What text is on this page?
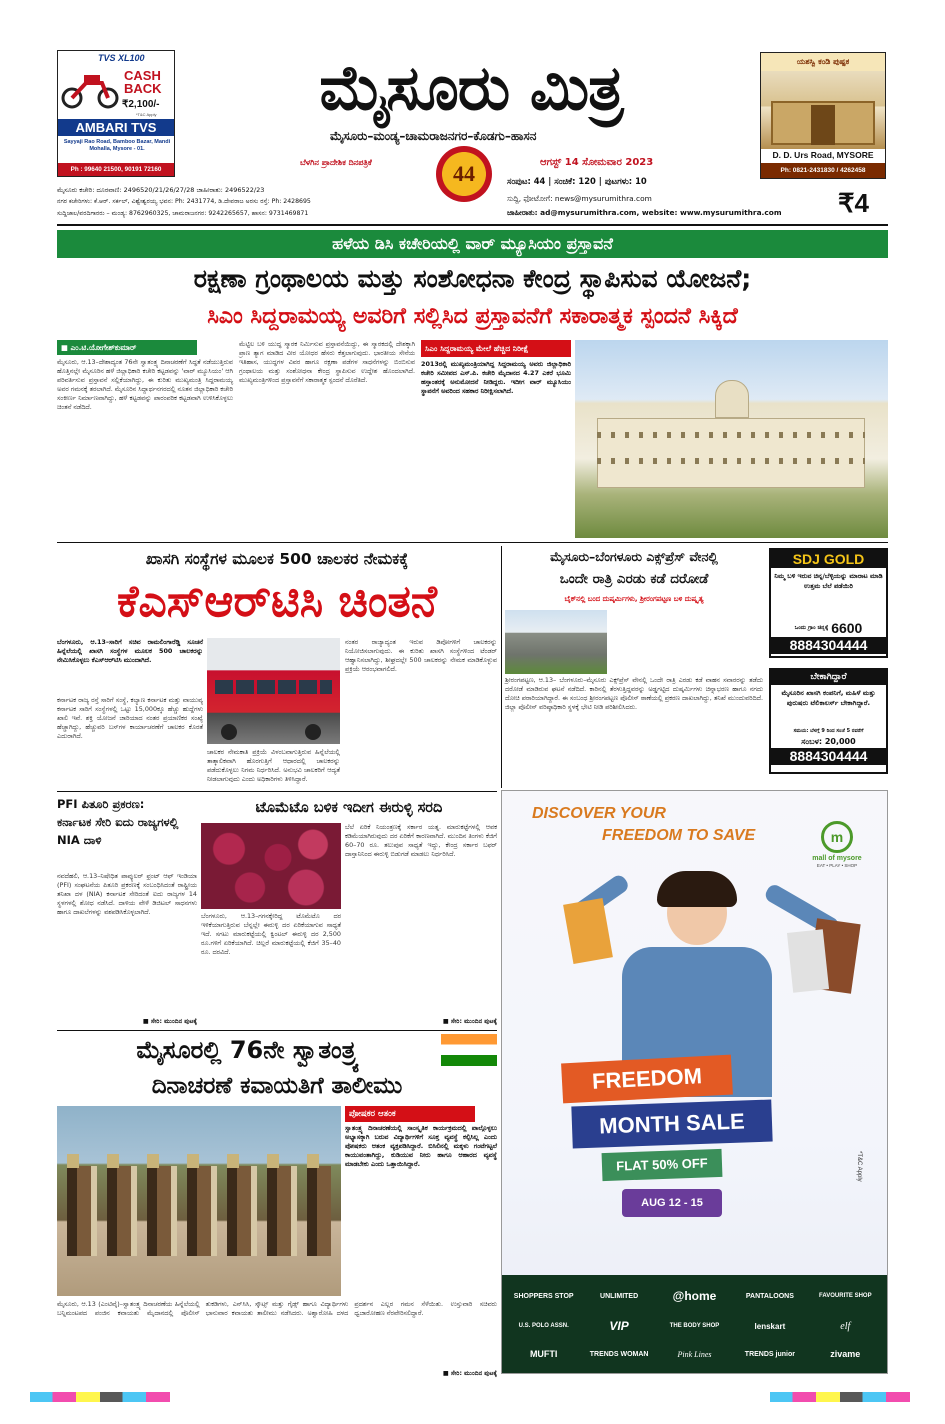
TVS XL100
CASH BACK
₹2,100/-
*T&C Apply
AMBARI TVS
Sayyaji Rao Road, Bamboo Bazar, Mandi Mohalla, Mysore - 01.
Ph : 99640 21500, 90191 72160
ಮೈಸೂರು ಮಿತ್ರ
ಮೈಸೂರು–ಮಂಡ್ಯ–ಚಾಮರಾಜನಗರ–ಕೊಡಗು–ಹಾಸನ
ಬೆಳಗಿನ ಪ್ರಾದೇಶಿಕ ದಿನಪತ್ರಿಕೆ	44	ಆಗಸ್ಟ್ 14 ಸೋಮವಾರ 2023
ಸಂಪುಟ: 44 | ಸಂಚಿಕೆ: 120 | ಪುಟಗಳು: 10
ಯಶಸ್ವಿ ಕಂಡಿ ಪುಷ್ಪಕ
D. D. Urs Road, MYSORE
Ph: 0821-2431830 / 4262458
ಮೈಸೂರು ಕಚೇರಿ: ದೂರವಾಣಿ: 2496520/21/26/27/28 ಜಾಹೀರಾತು: 2496522/23
ನಗರ ಕಚೇರಿಗಳು: ಕೆ.ಆರ್. ಸರ್ಕಲ್, ವಿಶ್ವೇಶ್ವರಯ್ಯ ಭವನ: Ph: 2431774, ಡಿ.ದೇವರಾಜ ಅರಸು ರಸ್ತೆ: Ph: 2428695
ಸುದ್ದಿಜಾಲ/ವರದಿಗಾರರು – ಮಂಡ್ಯ: 8762960325, ಚಾಮರಾಜನಗರ: 9242265657, ಹಾಸನ: 9731469871
ಸುದ್ದಿ, ಫೋಟೋಗೆ: news@mysurumithra.com
ಜಾಹೀರಾತು: ad@mysurumithra.com, website: www.mysurumithra.com	₹4
ಹಳೆಯ ಡಿಸಿ ಕಚೇರಿಯಲ್ಲಿ ವಾರ್ ಮ್ಯೂಸಿಯಂ ಪ್ರಸ್ತಾವನೆ
ರಕ್ಷಣಾ ಗ್ರಂಥಾಲಯ ಮತ್ತು ಸಂಶೋಧನಾ ಕೇಂದ್ರ ಸ್ಥಾಪಿಸುವ ಯೋಜನೆ;
ಸಿಎಂ ಸಿದ್ದರಾಮಯ್ಯ ಅವರಿಗೆ ಸಲ್ಲಿಸಿದ ಪ್ರಸ್ತಾವನೆಗೆ ಸಕಾರಾತ್ಮಕ ಸ್ಪಂದನೆ ಸಿಕ್ಕಿದೆ
■ ಎಂ.ಟಿ.ಯೋಗೇಶ್‌ಕುಮಾರ್
ಮೈಸೂರು, ಆ.13–ದೇಶಾದ್ಯಂತ 76ನೇ ಸ್ವಾತಂತ್ರ್ಯ ದಿನಾಚರಣೆಗೆ ಸಿದ್ಧತೆ ನಡೆಯುತ್ತಿರುವ ಹೊತ್ತಿನಲ್ಲೇ ಮೈಸೂರಿನ ಹಳೆ ಜಿಲ್ಲಾಧಿಕಾರಿ ಕಚೇರಿ ಕಟ್ಟಡವನ್ನು 'ವಾರ್ ಮ್ಯೂಸಿಯಂ' ಆಗಿ ಪರಿವರ್ತಿಸುವ ಪ್ರಸ್ತಾವನೆ ಸಲ್ಲಿಕೆಯಾಗಿದ್ದು, ಈ ಕುರಿತು ಮುಖ್ಯಮಂತ್ರಿ ಸಿದ್ದರಾಮಯ್ಯ ಅವರ ಗಮನಕ್ಕೆ ತರಲಾಗಿದೆ. ಮೈಸೂರಿನ ಸಿದ್ದಾರ್ಥನಗರದಲ್ಲಿ ನೂತನ ಜಿಲ್ಲಾಧಿಕಾರಿ ಕಚೇರಿ ಸಂಕೀರ್ಣ ನಿರ್ಮಾಣವಾಗಿದ್ದು, ಹಳೆ ಕಟ್ಟಡವನ್ನು ಪಾರಂಪರಿಕ ಕಟ್ಟಡವಾಗಿ ಉಳಿಸಿಕೊಳ್ಳಲು ಚಿಂತನೆ ನಡೆದಿದೆ.
ಮೆಟ್ಟಿಲ ಬಳಿ ಯುದ್ಧ ಸ್ಮಾರಕ ನಿರ್ಮಿಸುವ ಪ್ರಸ್ತಾವನೆಯಿದ್ದು, ಈ ಸ್ಮಾರಕದಲ್ಲಿ ದೇಶಕ್ಕಾಗಿ ಪ್ರಾಣ ತ್ಯಾಗ ಮಾಡಿದ ವೀರ ಯೋಧರ ಹೆಸರು ಕೆತ್ತಲಾಗುವುದು. ಭಾರತೀಯ ಸೇನೆಯ ಇತಿಹಾಸ, ಯುದ್ಧಗಳ ವಿವರ ಹಾಗೂ ರಕ್ಷಣಾ ಪಡೆಗಳ ಸಾಧನೆಗಳನ್ನು ಬಿಂಬಿಸುವ ಗ್ರಂಥಾಲಯ ಮತ್ತು ಸಂಶೋಧನಾ ಕೇಂದ್ರ ಸ್ಥಾಪಿಸುವ ಉದ್ದೇಶ ಹೊಂದಲಾಗಿದೆ. ಮುಖ್ಯಮಂತ್ರಿಗಳಿಂದ ಪ್ರಸ್ತಾವನೆಗೆ ಸಕಾರಾತ್ಮಕ ಸ್ಪಂದನೆ ದೊರೆತಿದೆ.
ಸಿಎಂ ಸಿದ್ದರಾಮಯ್ಯ ಮೇಲೆ ಹೆಚ್ಚಿದ ನಿರೀಕ್ಷೆ
2013ರಲ್ಲಿ ಮುಖ್ಯಮಂತ್ರಿಯಾಗಿದ್ದ ಸಿದ್ದರಾಮಯ್ಯ ಅವರು ಜಿಲ್ಲಾಧಿಕಾರಿ ಕಚೇರಿ ಸಮೀಪದ ಎಸ್.ಪಿ. ಕಚೇರಿ ಮೈದಾನದ 4.27 ಎಕರೆ ಭೂಮಿ ಹಸ್ತಾಂತರಕ್ಕೆ ಅನುಮೋದನೆ ನೀಡಿದ್ದರು. ಇದೀಗ ವಾರ್ ಮ್ಯೂಸಿಯಂ ಸ್ಥಾಪನೆಗೆ ಅವರಿಂದ ಸಹಕಾರ ನಿರೀಕ್ಷಿಸಲಾಗಿದೆ.
ಖಾಸಗಿ ಸಂಸ್ಥೆಗಳ ಮೂಲಕ 500 ಚಾಲಕರ ನೇಮಕಕ್ಕೆ
ಕೆಎಸ್‌ಆರ್‌ಟಿಸಿ ಚಿಂತನೆ
ಬೆಂಗಳೂರು, ಆ.13–ಸಾರಿಗೆ ಸಚಿವ ರಾಮಲಿಂಗಾರೆಡ್ಡಿ ಸೂಚನೆ ಹಿನ್ನೆಲೆಯಲ್ಲಿ ಖಾಸಗಿ ಸಂಸ್ಥೆಗಳ ಮೂಲಕ 500 ಚಾಲಕರನ್ನು ನೇಮಿಸಿಕೊಳ್ಳಲು ಕೆಎಸ್‌ಆರ್‌ಟಿಸಿ ಮುಂದಾಗಿದೆ.
ಕರ್ನಾಟಕ ರಾಜ್ಯ ರಸ್ತೆ ಸಾರಿಗೆ ಸಂಸ್ಥೆ, ಕಲ್ಯಾಣ ಕರ್ನಾಟಕ ಮತ್ತು ವಾಯುವ್ಯ ಕರ್ನಾಟಕ ಸಾರಿಗೆ ಸಂಸ್ಥೆಗಳಲ್ಲಿ ಒಟ್ಟು 15,000ಕ್ಕೂ ಹೆಚ್ಚು ಹುದ್ದೆಗಳು ಖಾಲಿ ಇವೆ. ಶಕ್ತಿ ಯೋಜನೆ ಜಾರಿಯಾದ ನಂತರ ಪ್ರಯಾಣಿಕರ ಸಂಖ್ಯೆ ಹೆಚ್ಚಾಗಿದ್ದು, ಹೆಚ್ಚುವರಿ ಬಸ್‌ಗಳ ಕಾರ್ಯಾಚರಣೆಗೆ ಚಾಲಕರ ಕೊರತೆ ಎದುರಾಗಿದೆ.
ಚಾಲಕರ ನೇಮಕಾತಿ ಪ್ರಕ್ರಿಯೆ ವಿಳಂಬವಾಗುತ್ತಿರುವ ಹಿನ್ನೆಲೆಯಲ್ಲಿ ತಾತ್ಕಾಲಿಕವಾಗಿ ಹೊರಗುತ್ತಿಗೆ ಆಧಾರದಲ್ಲಿ ಚಾಲಕರನ್ನು ಪಡೆದುಕೊಳ್ಳಲು ನಿಗಮ ನಿರ್ಧರಿಸಿದೆ. ಅನುಭವಿ ಚಾಲಕರಿಗೆ ಆದ್ಯತೆ ನೀಡಲಾಗುವುದು ಎಂದು ಅಧಿಕಾರಿಗಳು ತಿಳಿಸಿದ್ದಾರೆ.
ನಂತರ ರಾಜ್ಯಾದ್ಯಂತ ಇರುವ ಡಿಪೋಗಳಿಗೆ ಚಾಲಕರನ್ನು ನಿಯೋಜಿಸಲಾಗುವುದು. ಈ ಕುರಿತು ಖಾಸಗಿ ಸಂಸ್ಥೆಗಳಿಂದ ಟೆಂಡರ್ ಆಹ್ವಾನಿಸಲಾಗಿದ್ದು, ಶೀಘ್ರದಲ್ಲೇ 500 ಚಾಲಕರನ್ನು ನೇಮಕ ಮಾಡಿಕೊಳ್ಳುವ ಪ್ರಕ್ರಿಯೆ ಆರಂಭವಾಗಲಿದೆ.
ಮೈಸೂರು–ಬೆಂಗಳೂರು ಎಕ್ಸ್‌ಪ್ರೆಸ್ ವೇನಲ್ಲಿ
ಒಂದೇ ರಾತ್ರಿ ಎರಡು ಕಡೆ ದರೋಡೆ
ಬೈಕ್‌ನಲ್ಲಿ ಬಂದ ದುಷ್ಕರ್ಮಿಗಳು, ಶ್ರೀರಂಗಪಟ್ಟಣ ಬಳಿ ದುಷ್ಕೃತ್ಯ
ಶ್ರೀರಂಗಪಟ್ಟಣ, ಆ.13– ಬೆಂಗಳೂರು–ಮೈಸೂರು ಎಕ್ಸ್‌ಪ್ರೆಸ್ ವೇನಲ್ಲಿ ಒಂದೇ ರಾತ್ರಿ ಎರಡು ಕಡೆ ವಾಹನ ಸವಾರರನ್ನು ತಡೆದು ದರೋಡೆ ಮಾಡಿರುವ ಘಟನೆ ನಡೆದಿದೆ. ಕಾರಿನಲ್ಲಿ ತೆರಳುತ್ತಿದ್ದವರನ್ನು ಅಡ್ಡಗಟ್ಟಿದ ದುಷ್ಕರ್ಮಿಗಳು ಚಿನ್ನಾಭರಣ ಹಾಗೂ ನಗದು ದೋಚಿ ಪರಾರಿಯಾಗಿದ್ದಾರೆ. ಈ ಸಂಬಂಧ ಶ್ರೀರಂಗಪಟ್ಟಣ ಪೊಲೀಸ್ ಠಾಣೆಯಲ್ಲಿ ಪ್ರಕರಣ ದಾಖಲಾಗಿದ್ದು, ತನಿಖೆ ಮುಂದುವರಿದಿದೆ. ಜಿಲ್ಲಾ ಪೊಲೀಸ್ ವರಿಷ್ಠಾಧಿಕಾರಿ ಸ್ಥಳಕ್ಕೆ ಭೇಟಿ ನೀಡಿ ಪರಿಶೀಲಿಸಿದರು.
SDJ GOLD
ನಿಮ್ಮ ಬಳಿ ಇರುವ ಚಿನ್ನ/ಬೆಳ್ಳಿಯನ್ನು ಮಾರಾಟ ಮಾಡಿ ಉತ್ತಮ ಬೆಲೆ ಪಡೆಯಿರಿ
ಒಂದು ಗ್ರಾಂ ಚಿನ್ನಕ್ಕೆ 6600
8884304444
ಬೇಕಾಗಿದ್ದಾರೆ
ಮೈಸೂರಿನ ಖಾಸಗಿ ಕಂಪನಿಗೆ, ಮಹಿಳೆ ಮತ್ತು ಪುರುಷರು ಟೆಲಿಕಾಲರ್ಸ್ ಬೇಕಾಗಿದ್ದಾರೆ.
ಸಮಯ: ಬೆಳಗ್ಗೆ 9 ರಿಂದ ಸಂಜೆ 5 ರವರೆಗೆ
ಸಂಬಳ: 20,000
8884304444
PFI ಪಿತೂರಿ ಪ್ರಕರಣ:
ಕರ್ನಾಟಕ ಸೇರಿ ಐದು ರಾಜ್ಯಗಳಲ್ಲಿ NIA ದಾಳಿ
ನವದೆಹಲಿ, ಆ.13–ನಿಷೇಧಿತ ಪಾಪ್ಯುಲರ್ ಫ್ರಂಟ್ ಆಫ್ ಇಂಡಿಯಾ (PFI) ಸಂಘಟನೆಯ ಪಿತೂರಿ ಪ್ರಕರಣಕ್ಕೆ ಸಂಬಂಧಿಸಿದಂತೆ ರಾಷ್ಟ್ರೀಯ ತನಿಖಾ ದಳ (NIA) ಕರ್ನಾಟಕ ಸೇರಿದಂತೆ ಐದು ರಾಜ್ಯಗಳ 14 ಸ್ಥಳಗಳಲ್ಲಿ ಶೋಧ ನಡೆಸಿದೆ. ದಾಳಿಯ ವೇಳೆ ಡಿಜಿಟಲ್ ಸಾಧನಗಳು ಹಾಗೂ ದಾಖಲೆಗಳನ್ನು ವಶಪಡಿಸಿಕೊಳ್ಳಲಾಗಿದೆ.
■ ಸೇರಿ: ಮುಂದಿನ ಪುಟಕ್ಕೆ
ಟೊಮೆಟೊ ಬಳಿಕ ಇದೀಗ ಈರುಳ್ಳಿ ಸರದಿ
ಬೆಂಗಳೂರು, ಆ.13–ಗಗನಕ್ಕೇರಿದ್ದ ಟೊಮೆಟೊ ದರ ಇಳಿಕೆಯಾಗುತ್ತಿರುವ ಬೆನ್ನಲ್ಲೇ ಈರುಳ್ಳಿ ದರ ಏರಿಕೆಯಾಗುವ ಸಾಧ್ಯತೆ ಇದೆ. ಸಗಟು ಮಾರುಕಟ್ಟೆಯಲ್ಲಿ ಕ್ವಿಂಟಲ್ ಈರುಳ್ಳಿ ದರ 2,500 ರೂ.ಗಳಿಗೆ ಏರಿಕೆಯಾಗಿದೆ. ಚಿಲ್ಲರೆ ಮಾರುಕಟ್ಟೆಯಲ್ಲಿ ಕೆಜಿಗೆ 35–40 ರೂ. ದರವಿದೆ.
ಬೆಲೆ ಏರಿಕೆ ನಿಯಂತ್ರಣಕ್ಕೆ ಸರ್ಕಾರ ಯತ್ನ. ಮಾರುಕಟ್ಟೆಗಳಲ್ಲಿ ಆವಕ ಕಡಿಮೆಯಾಗಿರುವುದು ದರ ಏರಿಕೆಗೆ ಕಾರಣವಾಗಿದೆ. ಮುಂದಿನ ತಿಂಗಳು ಕೆಜಿಗೆ 60–70 ರೂ. ತಲುಪುವ ಸಾಧ್ಯತೆ ಇದ್ದು, ಕೇಂದ್ರ ಸರ್ಕಾರ ಬಫರ್ ದಾಸ್ತಾನಿನಿಂದ ಈರುಳ್ಳಿ ಬಿಡುಗಡೆ ಮಾಡಲು ನಿರ್ಧರಿಸಿದೆ.
■ ಸೇರಿ: ಮುಂದಿನ ಪುಟಕ್ಕೆ
ಮೈಸೂರಲ್ಲಿ 76ನೇ ಸ್ವಾತಂತ್ರ್ಯ
ದಿನಾಚರಣೆ ಕವಾಯತಿಗೆ ತಾಲೀಮು
ಪೋಷಕರ ಆತಂಕ
ಸ್ವಾತಂತ್ರ್ಯ ದಿನಾಚರಣೆಯಲ್ಲಿ ಸಾಂಸ್ಕೃತಿಕ ಕಾರ್ಯಕ್ರಮದಲ್ಲಿ ಪಾಲ್ಗೊಳ್ಳಲು ಅಭ್ಯಾಸಕ್ಕಾಗಿ ಬರುವ ವಿದ್ಯಾರ್ಥಿಗಳಿಗೆ ಸೂಕ್ತ ವ್ಯವಸ್ಥೆ ಕಲ್ಪಿಸಿಲ್ಲ ಎಂದು ಪೋಷಕರು ಆತಂಕ ವ್ಯಕ್ತಪಡಿಸಿದ್ದಾರೆ. ಬಿಸಿಲಿನಲ್ಲಿ ಮಕ್ಕಳು ಗಂಟೆಗಟ್ಟಲೆ ಕಾಯುವಂತಾಗಿದ್ದು, ಕುಡಿಯುವ ನೀರು ಹಾಗೂ ಆಹಾರದ ವ್ಯವಸ್ಥೆ ಮಾಡಬೇಕು ಎಂದು ಒತ್ತಾಯಿಸಿದ್ದಾರೆ.
ಮೈಸೂರು, ಆ.13 (ಎಂಟಿವೈ)–ಸ್ವಾತಂತ್ರ್ಯ ದಿನಾಚರಣೆಯ ಹಿನ್ನೆಲೆಯಲ್ಲಿ ಬನ್ನಿಮಂಟಪದ ಪಂಜಿನ ಕವಾಯತು ಮೈದಾನದಲ್ಲಿ ಪೊಲೀಸ್ ತುಕಡಿಗಳು, ಎನ್‌ಸಿಸಿ, ಸ್ಕೌಟ್ಸ್ ಮತ್ತು ಗೈಡ್ಸ್ ಹಾಗೂ ವಿದ್ಯಾರ್ಥಿಗಳು ಭಾನುವಾರ ಕವಾಯತು ತಾಲೀಮು ನಡೆಸಿದರು. ಅಶ್ವಾರೋಹಿ ದಳದ ಪ್ರದರ್ಶನ ಎಲ್ಲರ ಗಮನ ಸೆಳೆಯಿತು. ಉಸ್ತುವಾರಿ ಸಚಿವರು ಧ್ವಜಾರೋಹಣ ನೆರವೇರಿಸಲಿದ್ದಾರೆ.
■ ಸೇರಿ: ಮುಂದಿನ ಪುಟಕ್ಕೆ
DISCOVER YOUR
FREEDOM TO SAVE	m
mall of mysore
EAT • PLAY • SHOP
FREEDOM
MONTH SALE
FLAT 50% OFF
AUG 12 - 15
*T&C Apply
SHOPPERS STOP	UNLIMITED	@home	PANTALOONS	FAVOURITE SHOP
U.S. POLO ASSN.	VIP	THE BODY SHOP	lenskart	elf
MUFTI	TRENDS WOMAN	Pink Lines	TRENDS junior	zivame
